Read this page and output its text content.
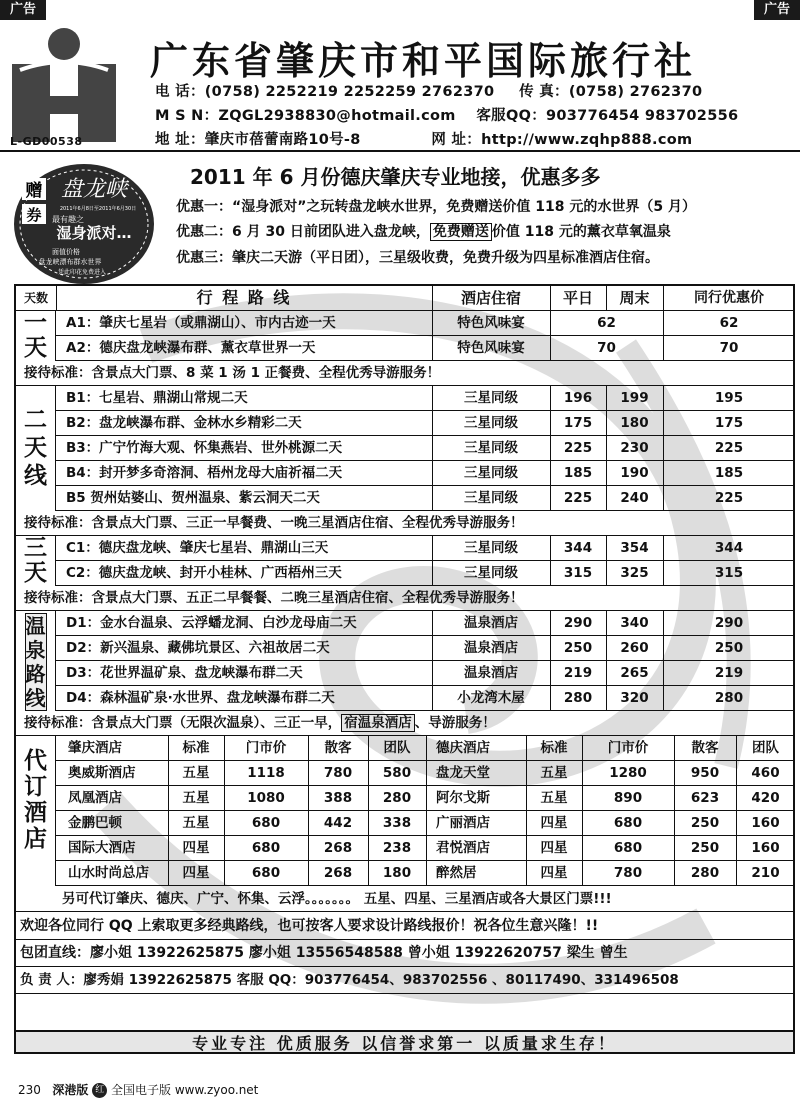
广告	广告
L-GD00538
广东省肇庆市和平国际旅行社
电 话：(0758) 2252219 2252259 2762370 传 真：(0758) 2762370
M S N：ZQGL2938830@hotmail.com 客服QQ：903776454 983702556
地 址：肇庆市蓓蕾南路10号-8	网 址：http://www.zqhp888.com
赠
券
盘龙峡
2011年6月8日至2011年6月30日
最有趣之
湿身派对…
面值价格
盘龙峡漂布群水世界
凭此印花免费进入
2011 年 6 月份德庆肇庆专业地接，优惠多多
优惠一：“湿身派对”之玩转盘龙峡水世界，免费赠送价值 118 元的水世界（5 月）
优惠二：6 月 30 日前团队进入盘龙峡， 免费赠送 价值 118 元的薰衣草氧温泉
优惠三：肇庆二天游（平日团），三星级收费，免费升级为四星标准酒店住宿。
天数	行 程 路 线	酒店住宿	平日	周末	同行优惠价
一天
A1：肇庆七星岩（或鼎湖山）、市内古迹一天	特色风味宴	62	62
A2：德庆盘龙峡瀑布群、薰衣草世界一天	特色风味宴	70	70
接待标准：含景点大门票、8 菜 1 汤 1 正餐费、全程优秀导游服务！
二天线
B1：七星岩、鼎湖山常规二天	三星同级	196	199	195
B2：盘龙峡瀑布群、金林水乡精彩二天	三星同级	175	180	175
B3：广宁竹海大观、怀集燕岩、世外桃源二天	三星同级	225	230	225
B4：封开梦多奇溶洞、梧州龙母大庙祈福二天	三星同级	185	190	185
B5 贺州姑婆山、贺州温泉、紫云洞天二天	三星同级	225	240	225
接待标准：含景点大门票、三正一早餐费、一晚三星酒店住宿、全程优秀导游服务！
三天
C1：德庆盘龙峡、肇庆七星岩、鼎湖山三天	三星同级	344	354	344
C2：德庆盘龙峡、封开小桂林、广西梧州三天	三星同级	315	325	315
接待标准：含景点大门票、五正二早餐餐、二晚三星酒店住宿、全程优秀导游服务！
温泉路线
D1：金水台温泉、云浮蟠龙洞、白沙龙母庙二天	温泉酒店	290	340	290
D2：新兴温泉、藏佛坑景区、六祖故居二天	温泉酒店	250	260	250
D3：花世界温矿泉、盘龙峡瀑布群二天	温泉酒店	219	265	219
D4：森林温矿泉·水世界、盘龙峡瀑布群二天	小龙湾木屋	280	320	280
接待标准：含景点大门票（无限次温泉）、三正一早， 宿温泉酒店 、导游服务！
代订酒店
肇庆酒店	标准	门市价	散客	团队	德庆酒店	标准	门市价	散客	团队
奥威斯酒店	五星	1118	780	580	盘龙天堂	五星	1280	950	460
凤凰酒店	五星	1080	388	280	阿尔戈斯	五星	890	623	420
金鹏巴顿	五星	680	442	338	广丽酒店	四星	680	250	160
国际大酒店	四星	680	268	238	君悦酒店	四星	680	250	160
山水时尚总店	四星	680	268	180	醉然居	四星	780	280	210
另可代订肇庆、德庆、广宁、怀集、云浮。。。。。。。 五星、四星、三星酒店或各大景区门票!!!
欢迎各位同行 QQ 上索取更多经典路线，也可按客人要求设计路线报价！祝各位生意兴隆！!!
包团直线：廖小姐 13922625875 廖小姐 13556548588 曾小姐 13922620757 梁生 曾生
负 责 人：廖秀娟 13922625875 客服 QQ：903776454、983702556 、80117490、331496508
专业专注 优质服务 以信誉求第一 以质量求生存！
230 深港版 红 全国电子版 www.zyoo.net
